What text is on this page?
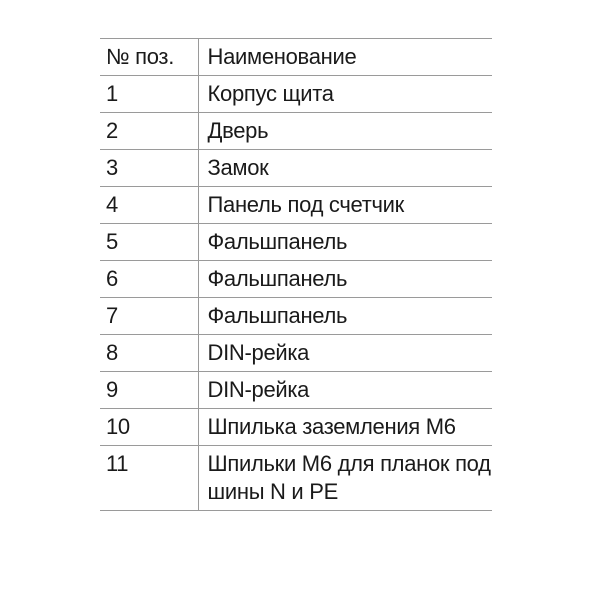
№ поз.	Наименование
1	Корпус щита
2	Дверь
3	Замок
4	Панель под счетчик
5	Фальшпанель
6	Фальшпанель
7	Фальшпанель
8	DIN-рейка
9	DIN-рейка
10	Шпилька заземления М6
11	Шпильки М6 для планок под шины N и PE
